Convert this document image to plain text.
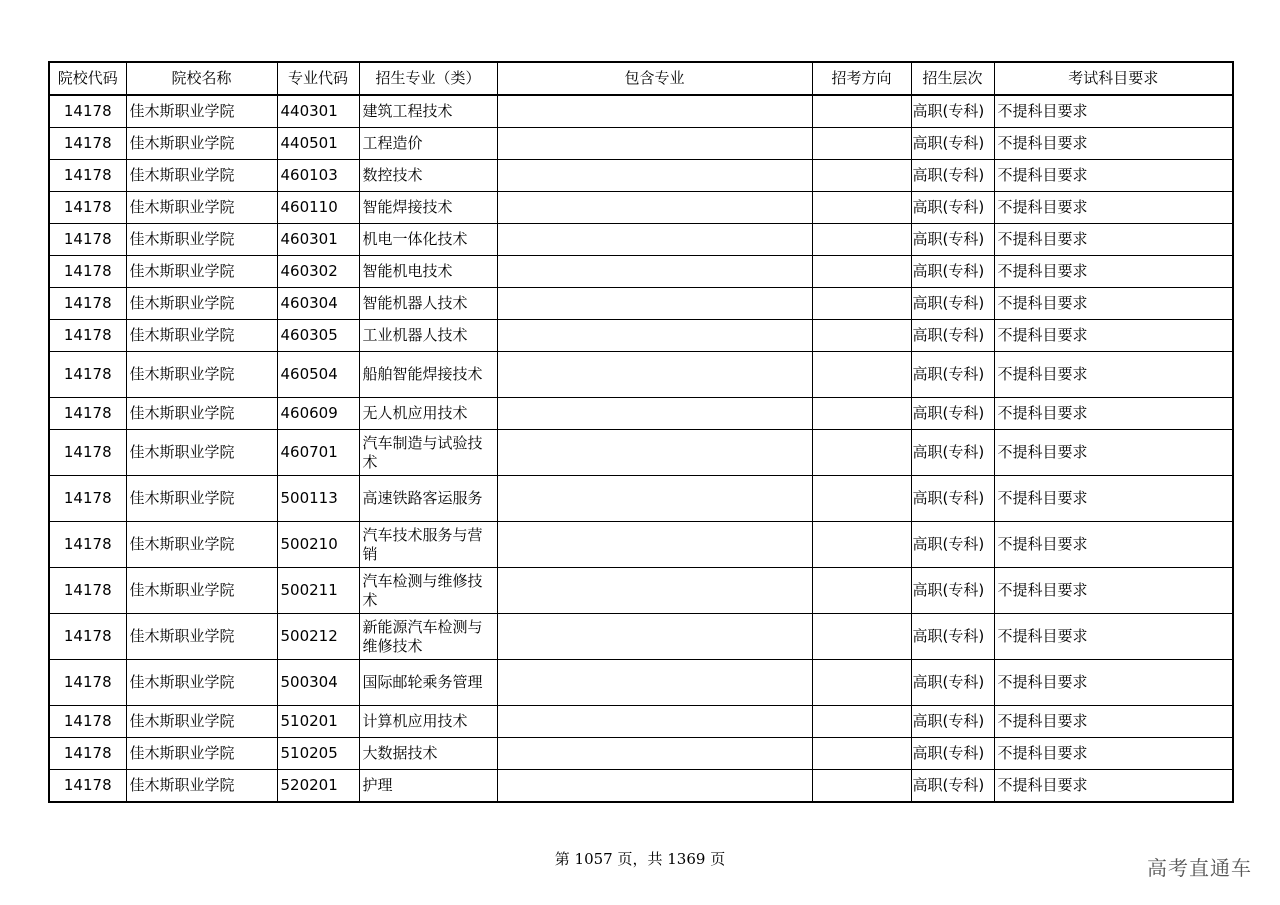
院校代码	院校名称	专业代码	招生专业（类）	包含专业	招考方向	招生层次	考试科目要求
14178	佳木斯职业学院	440301	建筑工程技术			高职(专科)	不提科目要求
14178	佳木斯职业学院	440501	工程造价			高职(专科)	不提科目要求
14178	佳木斯职业学院	460103	数控技术			高职(专科)	不提科目要求
14178	佳木斯职业学院	460110	智能焊接技术			高职(专科)	不提科目要求
14178	佳木斯职业学院	460301	机电一体化技术			高职(专科)	不提科目要求
14178	佳木斯职业学院	460302	智能机电技术			高职(专科)	不提科目要求
14178	佳木斯职业学院	460304	智能机器人技术			高职(专科)	不提科目要求
14178	佳木斯职业学院	460305	工业机器人技术			高职(专科)	不提科目要求
14178	佳木斯职业学院	460504	船舶智能焊接技术			高职(专科)	不提科目要求
14178	佳木斯职业学院	460609	无人机应用技术			高职(专科)	不提科目要求
14178	佳木斯职业学院	460701	汽车制造与试验技术			高职(专科)	不提科目要求
14178	佳木斯职业学院	500113	高速铁路客运服务			高职(专科)	不提科目要求
14178	佳木斯职业学院	500210	汽车技术服务与营销			高职(专科)	不提科目要求
14178	佳木斯职业学院	500211	汽车检测与维修技术			高职(专科)	不提科目要求
14178	佳木斯职业学院	500212	新能源汽车检测与维修技术			高职(专科)	不提科目要求
14178	佳木斯职业学院	500304	国际邮轮乘务管理			高职(专科)	不提科目要求
14178	佳木斯职业学院	510201	计算机应用技术			高职(专科)	不提科目要求
14178	佳木斯职业学院	510205	大数据技术			高职(专科)	不提科目要求
14178	佳木斯职业学院	520201	护理			高职(专科)	不提科目要求
第 1057 页，共 1369 页	高考直通车
